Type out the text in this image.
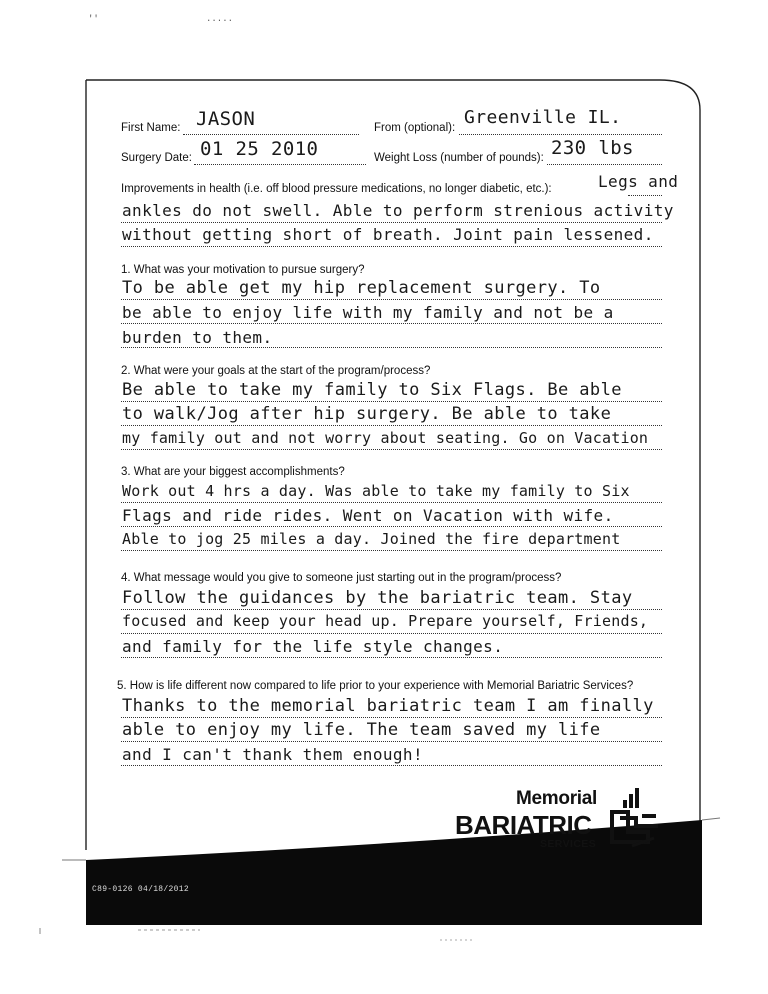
''	.....
First Name: JASON	From (optional): Greenville IL.
Surgery Date: 01 25 2010	Weight Loss (number of pounds): 230 lbs
Improvements in health (i.e. off blood pressure medications, no longer diabetic, etc.):	Legs and
ankles do not swell. Able to perform strenious activity
without getting short of breath. Joint pain lessened.
1. What was your motivation to pursue surgery?
To be able get my hip replacement surgery. To
be able to enjoy life with my family and not be a
burden to them.
2. What were your goals at the start of the program/process?
Be able to take my family to Six Flags. Be able
to walk/Jog after hip surgery. Be able to take
my family out and not worry about seating. Go on Vacation
3. What are your biggest accomplishments?
Work out 4 hrs a day. Was able to take my family to Six
Flags and ride rides. Went on Vacation with wife.
Able to jog 25 miles a day. Joined the fire department
4. What message would you give to someone just starting out in the program/process?
Follow the guidances by the bariatric team. Stay
focused and keep your head up. Prepare yourself, Friends,
and family for the life style changes.
5. How is life different now compared to life prior to your experience with Memorial Bariatric Services?
Thanks to the memorial bariatric team I am finally
able to enjoy my life. The team saved my life
and I can't thank them enough!
Memorial
BARIATRIC
SERVICES
C89-0126 04/18/2012
